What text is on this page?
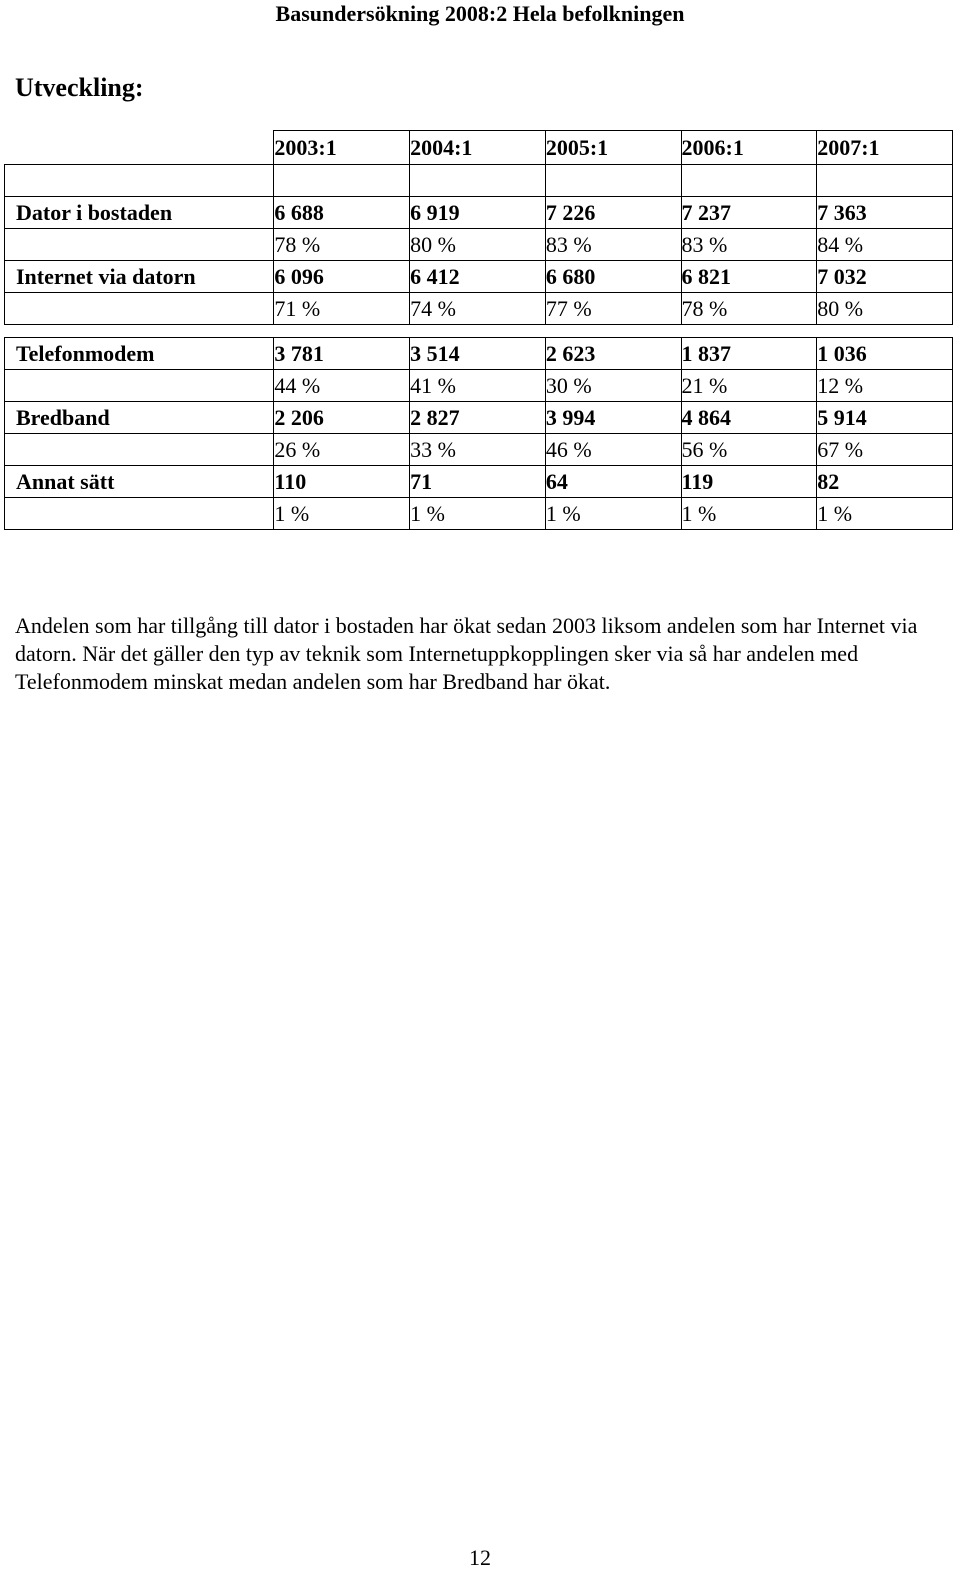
Basundersökning 2008:2 Hela befolkningen
Utveckling:
	2003:1	2004:1	2005:1	2006:1	2007:1

Dator i bostaden	6 688	6 919	7 226	7 237	7 363
	78 %	80 %	83 %	83 %	84 %
Internet via datorn	6 096	6 412	6 680	6 821	7 032
	71 %	74 %	77 %	78 %	80 %

Telefonmodem	3 781	3 514	2 623	1 837	1 036
	44 %	41 %	30 %	21 %	12 %
Bredband	2 206	2 827	3 994	4 864	5 914
	26 %	33 %	46 %	56 %	67 %
Annat sätt	110	71	64	119	82
	1 %	1 %	1 %	1 %	1 %

Andelen som har tillgång till dator i bostaden har ökat sedan 2003 liksom andelen som har Internet via datorn. När det gäller den typ av teknik som Internetuppkopplingen sker via så har andelen med Telefonmodem minskat medan andelen som har Bredband har ökat.

12
